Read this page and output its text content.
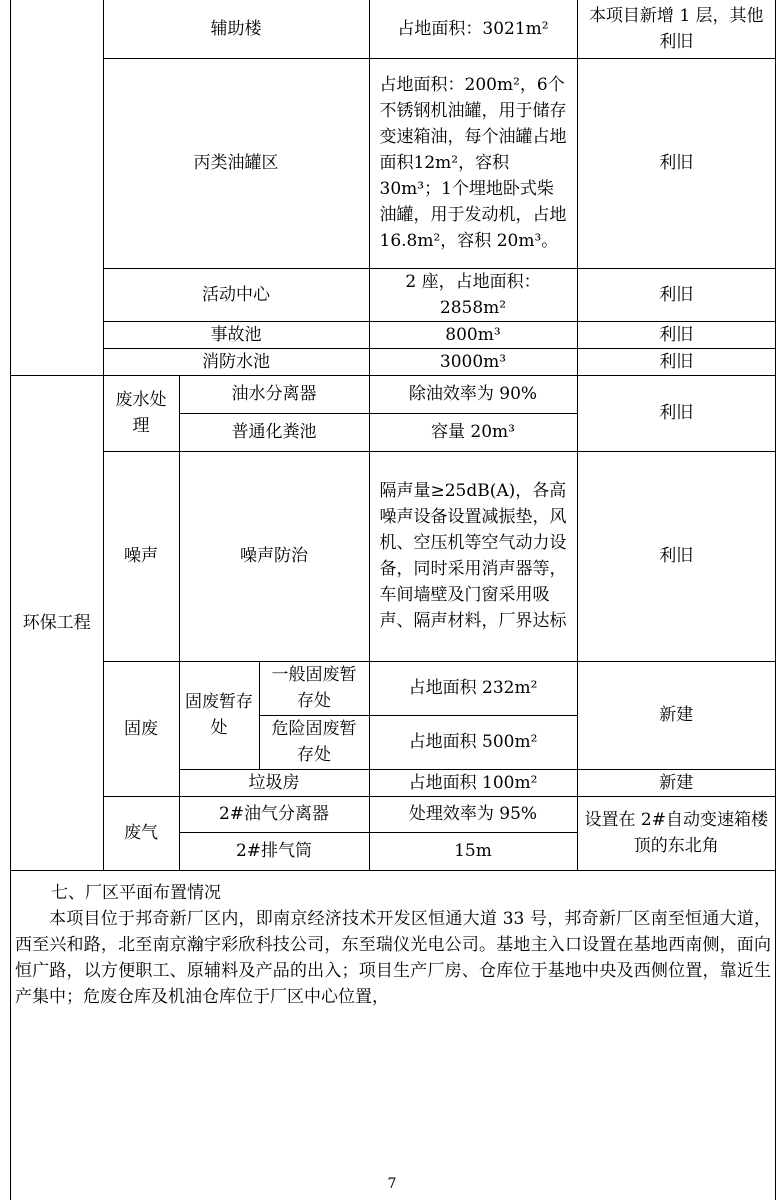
	辅助楼			占地面积：3021m²	本项目新增 1 层，其他利旧
	丙类油罐区			占地面积：200m²，6个不锈钢机油罐，用于储存变速箱油，每个油罐占地面积12m²，容积 30m³；1个埋地卧式柴油罐，用于发动机，占地16.8m²，容积 20m³。	利旧
	活动中心			2 座，占地面积：2858m²	利旧
	事故池			800m³	利旧
	消防水池			3000m³	利旧
环保工程	废水处理	油水分离器		除油效率为 90%	利旧
		普通化粪池		容量 20m³	
	噪声	噪声防治		隔声量≥25dB(A)，各高噪声设备设置减振垫，风机、空压机等空气动力设备，同时采用消声器等，车间墙壁及门窗采用吸声、隔声材料，厂界达标	利旧
	固废	固废暂存处	一般固废暂存处	占地面积 232m²	新建
			危险固废暂存处	占地面积 500m²	
		垃圾房		占地面积 100m²	新建
	废气	2#油气分离器		处理效率为 95%	设置在 2#自动变速箱楼顶的东北角
		2#排气筒		15m	
七、厂区平面布置情况
本项目位于邦奇新厂区内，即南京经济技术开发区恒通大道 33 号，邦奇新厂区南至恒通大道，西至兴和路，北至南京瀚宇彩欣科技公司，东至瑞仪光电公司。基地主入口设置在基地西南侧，面向恒广路，以方便职工、原辅料及产品的出入；项目生产厂房、仓库位于基地中央及西侧位置，靠近生产集中；危废仓库及机油仓库位于厂区中心位置，
7
